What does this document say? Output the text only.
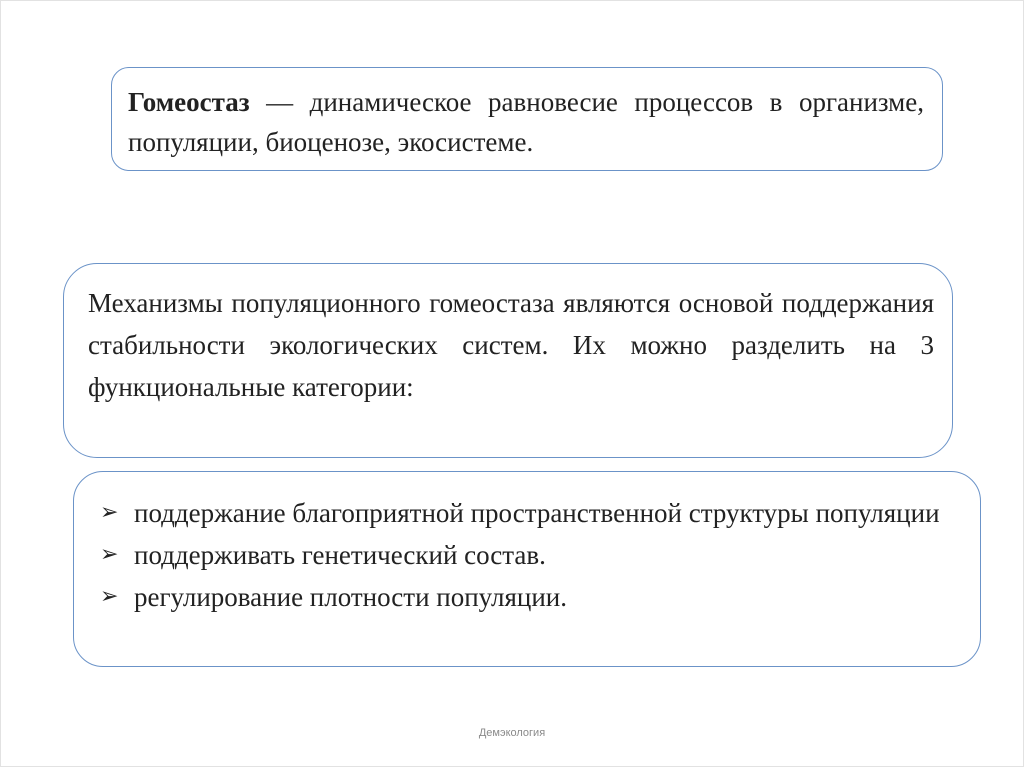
Гомеостаз — динамическое равновесие процессов в организме, популяции, биоценозе, экосистеме.

Механизмы популяционного гомеостаза являются основой поддержания стабильности экологических систем. Их можно разделить на 3 функциональные категории:

➢ поддержание благоприятной пространственной структуры популяции
➢ поддерживать генетический состав.
➢ регулирование плотности популяции.
Демэкология
